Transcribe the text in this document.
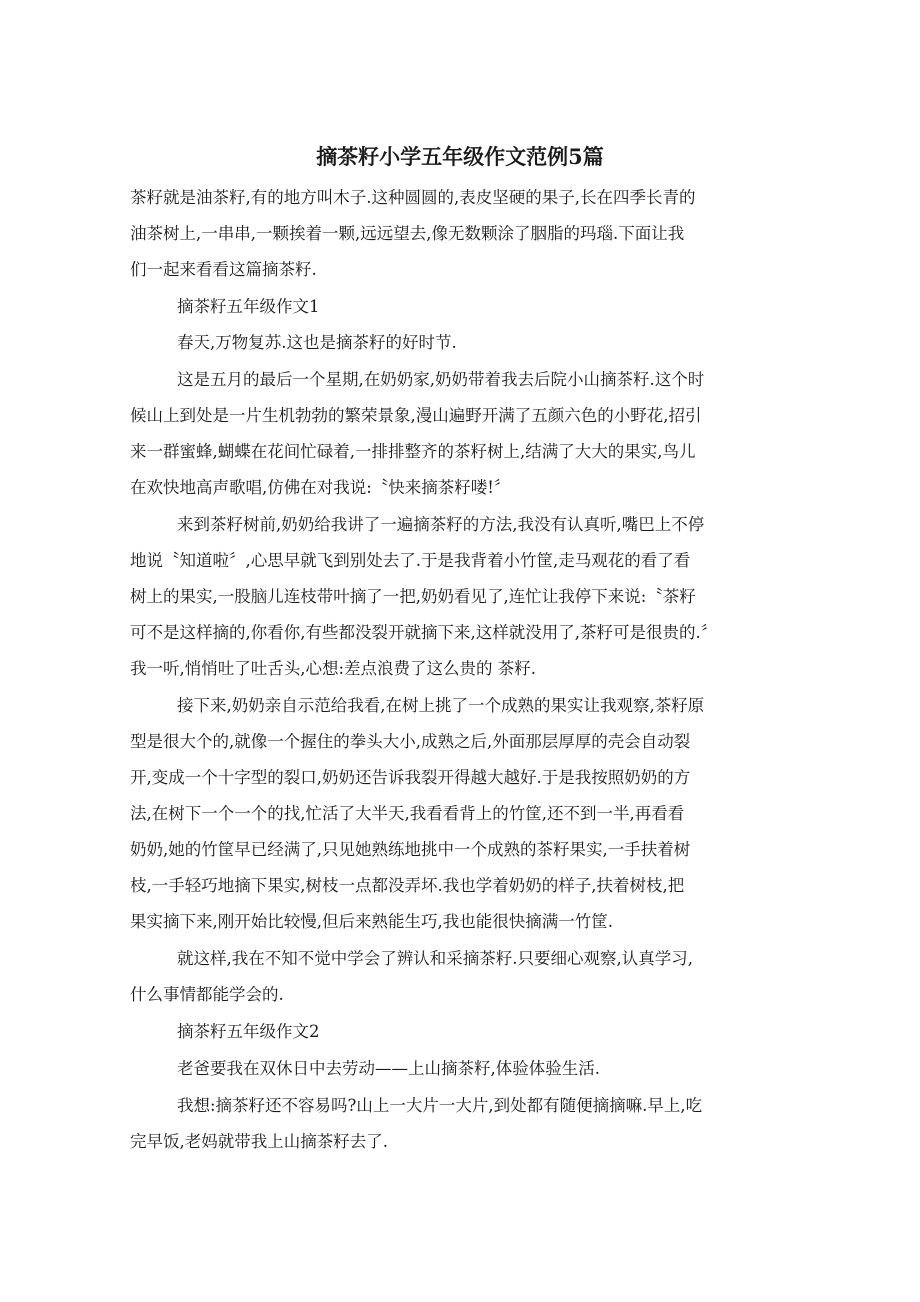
摘茶籽小学五年级作文范例5篇

茶籽就是油茶籽,有的地方叫木子.这种圆圆的,表皮坚硬的果子,长在四季长青的

油茶树上,一串串,一颗挨着一颗,远远望去,像无数颗涂了胭脂的玛瑙.下面让我

们一起来看看这篇摘茶籽.

摘茶籽五年级作文1

春天,万物复苏.这也是摘茶籽的好时节.

这是五月的最后一个星期,在奶奶家,奶奶带着我去后院小山摘茶籽.这个时

候山上到处是一片生机勃勃的繁荣景象,漫山遍野开满了五颜六色的小野花,招引

来一群蜜蜂,蝴蝶在花间忙碌着,一排排整齐的茶籽树上,结满了大大的果实,鸟儿

在欢快地高声歌唱,仿佛在对我说:〝快来摘茶籽喽!〞

来到茶籽树前,奶奶给我讲了一遍摘茶籽的方法,我没有认真听,嘴巴上不停

地说〝知道啦〞,心思早就飞到别处去了.于是我背着小竹筐,走马观花的看了看

树上的果实,一股脑儿连枝带叶摘了一把,奶奶看见了,连忙让我停下来说:〝茶籽

可不是这样摘的,你看你,有些都没裂开就摘下来,这样就没用了,茶籽可是很贵的.〞

我一听,悄悄吐了吐舌头,心想:差点浪费了这么贵的 茶籽.

接下来,奶奶亲自示范给我看,在树上挑了一个成熟的果实让我观察,茶籽原

型是很大个的,就像一个握住的拳头大小,成熟之后,外面那层厚厚的壳会自动裂

开,变成一个十字型的裂口,奶奶还告诉我裂开得越大越好.于是我按照奶奶的方

法,在树下一个一个的找,忙活了大半天,我看看背上的竹筐,还不到一半,再看看

奶奶,她的竹筐早已经满了,只见她熟练地挑中一个成熟的茶籽果实,一手扶着树

枝,一手轻巧地摘下果实,树枝一点都没弄坏.我也学着奶奶的样子,扶着树枝,把

果实摘下来,刚开始比较慢,但后来熟能生巧,我也能很快摘满一竹筐.

就这样,我在不知不觉中学会了辨认和采摘茶籽.只要细心观察,认真学习,

什么事情都能学会的.

摘茶籽五年级作文2

老爸要我在双休日中去劳动——上山摘茶籽,体验体验生活.

我想:摘茶籽还不容易吗?山上一大片一大片,到处都有随便摘摘嘛.早上,吃

完早饭,老妈就带我上山摘茶籽去了.
